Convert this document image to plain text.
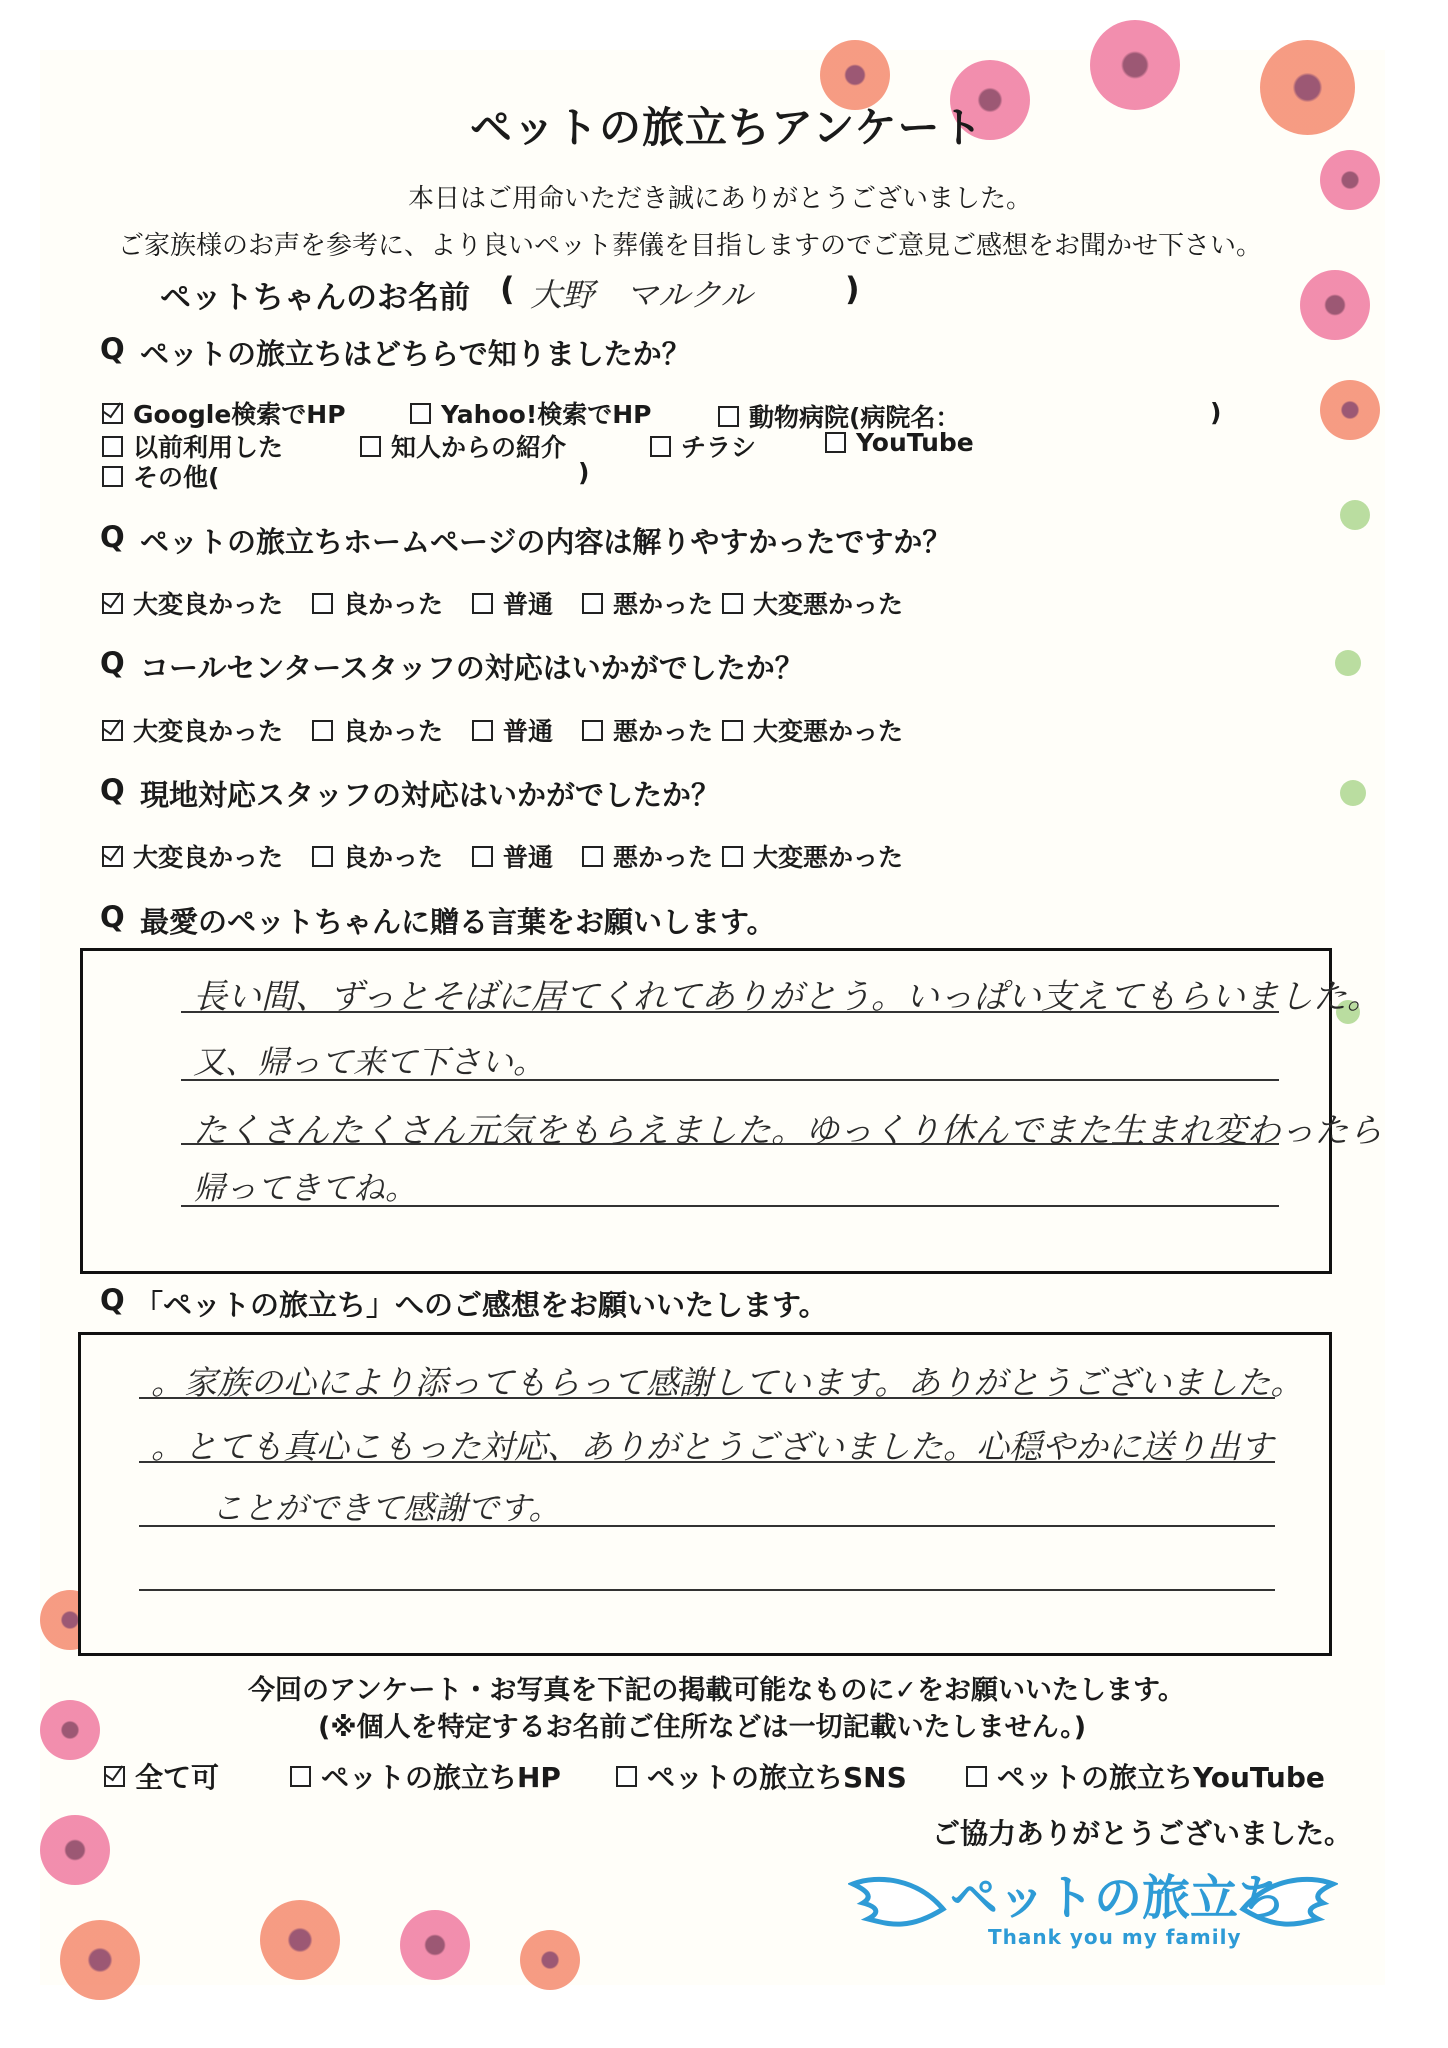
ペットの旅立ちアンケート
本日はご用命いただき誠にありがとうございました。
ご家族様のお声を参考に、より良いペット葬儀を目指しますのでご意見ご感想をお聞かせ下さい。
ペットちゃんのお名前 ( 大野　マルクル	)
Q ペットの旅立ちはどちらで知りましたか？
Google検索でHP	Yahoo!検索でHP	動物病院(病院名：	)
以前利用した	知人からの紹介	チラシ	YouTube
その他(	)
Q ペットの旅立ちホームページの内容は解りやすかったですか？
大変良かった 良かった 普通 悪かった 大変悪かった
Q コールセンタースタッフの対応はいかがでしたか？
大変良かった 良かった 普通 悪かった 大変悪かった
Q 現地対応スタッフの対応はいかがでしたか？
大変良かった 良かった 普通 悪かった 大変悪かった
Q 最愛のペットちゃんに贈る言葉をお願いします。
長い間、ずっとそばに居てくれてありがとう。いっぱい支えてもらいました。
又、帰って来て下さい。
たくさんたくさん元気をもらえました。ゆっくり休んでまた生まれ変わったら
帰ってきてね。
Q 「ペットの旅立ち」へのご感想をお願いいたします。
。家族の心により添ってもらって感謝しています。ありがとうございました。
。とても真心こもった対応、ありがとうございました。心穏やかに送り出す
ことができて感謝です。
今回のアンケート・お写真を下記の掲載可能なものに✓をお願いいたします。
(※個人を特定するお名前ご住所などは一切記載いたしません。)
全て可	ペットの旅立ちHP	ペットの旅立ちSNS	ペットの旅立ちYouTube
ご協力ありがとうございました。
ペットの旅立ち
Thank you my family
